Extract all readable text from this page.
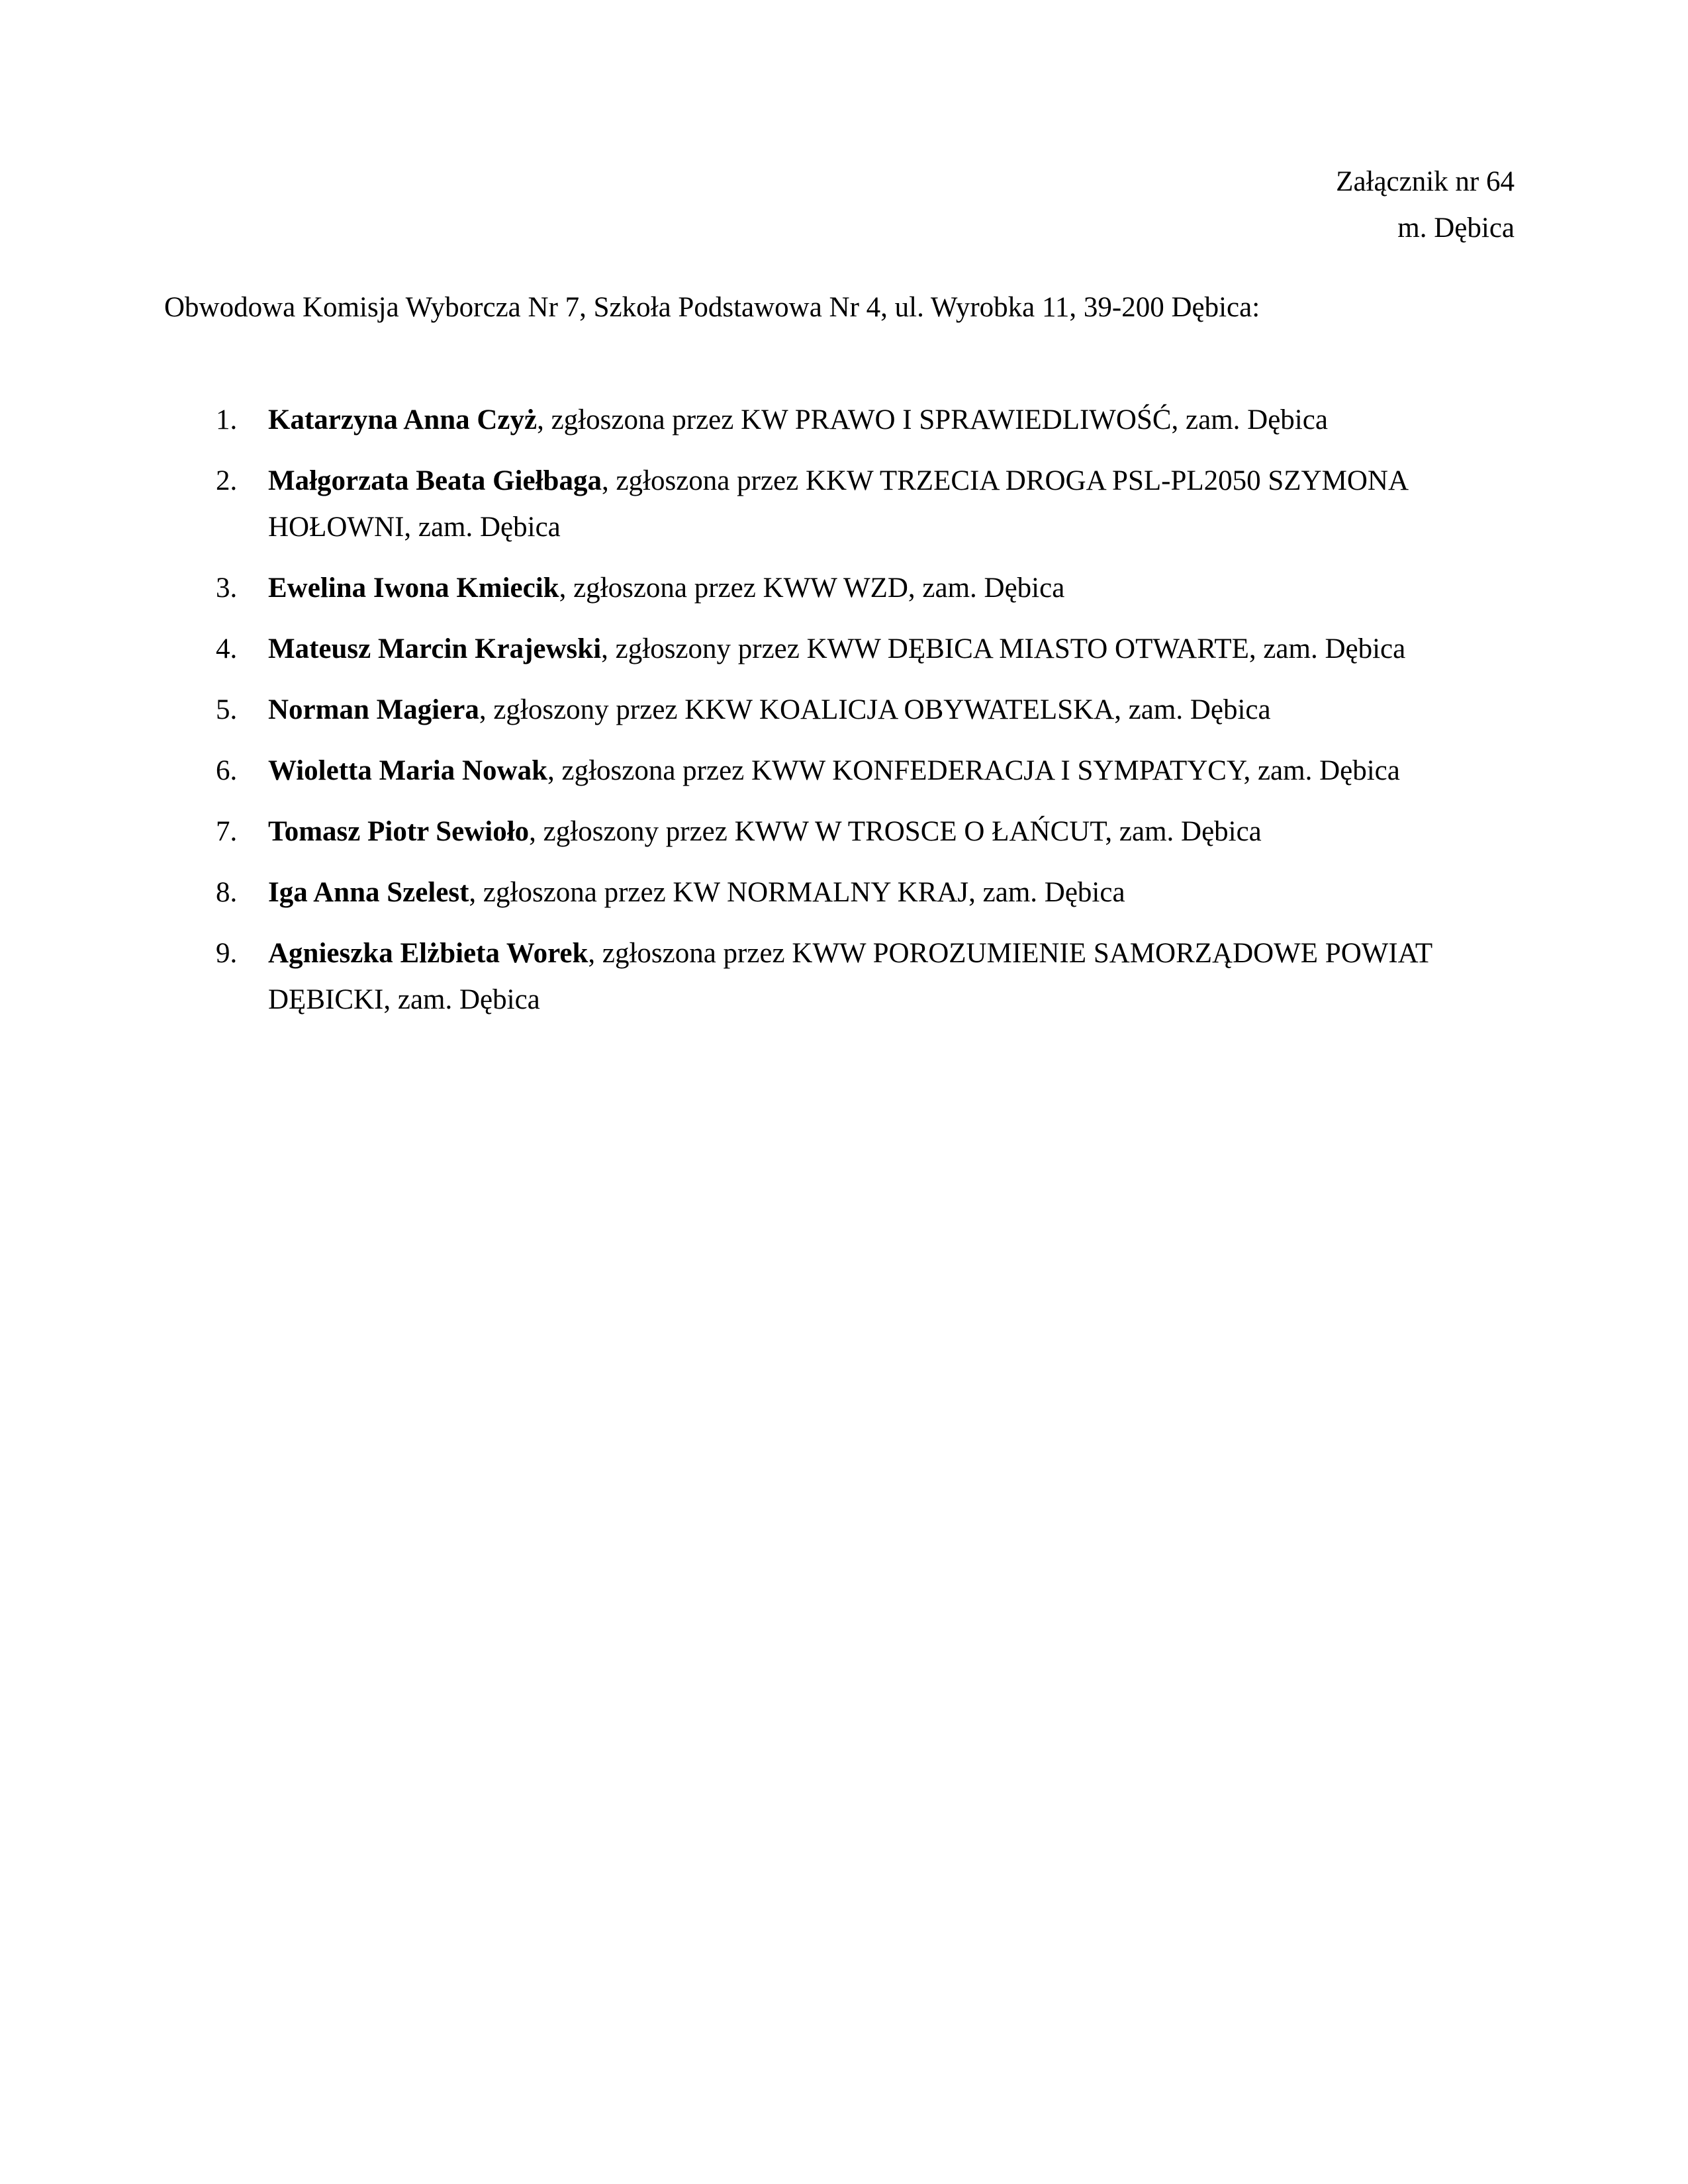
Załącznik nr 64
m. Dębica
Obwodowa Komisja Wyborcza Nr 7, Szkoła Podstawowa Nr 4, ul. Wyrobka 11, 39-200 Dębica:
1. Katarzyna Anna Czyż, zgłoszona przez KW PRAWO I SPRAWIEDLIWOŚĆ, zam. Dębica
2. Małgorzata Beata Giełbaga, zgłoszona przez KKW TRZECIA DROGA PSL-PL2050 SZYMONA HOŁOWNI, zam. Dębica
3. Ewelina Iwona Kmiecik, zgłoszona przez KWW WZD, zam. Dębica
4. Mateusz Marcin Krajewski, zgłoszony przez KWW DĘBICA MIASTO OTWARTE, zam. Dębica
5. Norman Magiera, zgłoszony przez KKW KOALICJA OBYWATELSKA, zam. Dębica
6. Wioletta Maria Nowak, zgłoszona przez KWW KONFEDERACJA I SYMPATYCY, zam. Dębica
7. Tomasz Piotr Sewioło, zgłoszony przez KWW W TROSCE O ŁAŃCUT, zam. Dębica
8. Iga Anna Szelest, zgłoszona przez KW NORMALNY KRAJ, zam. Dębica
9. Agnieszka Elżbieta Worek, zgłoszona przez KWW POROZUMIENIE SAMORZĄDOWE POWIAT DĘBICKI, zam. Dębica
